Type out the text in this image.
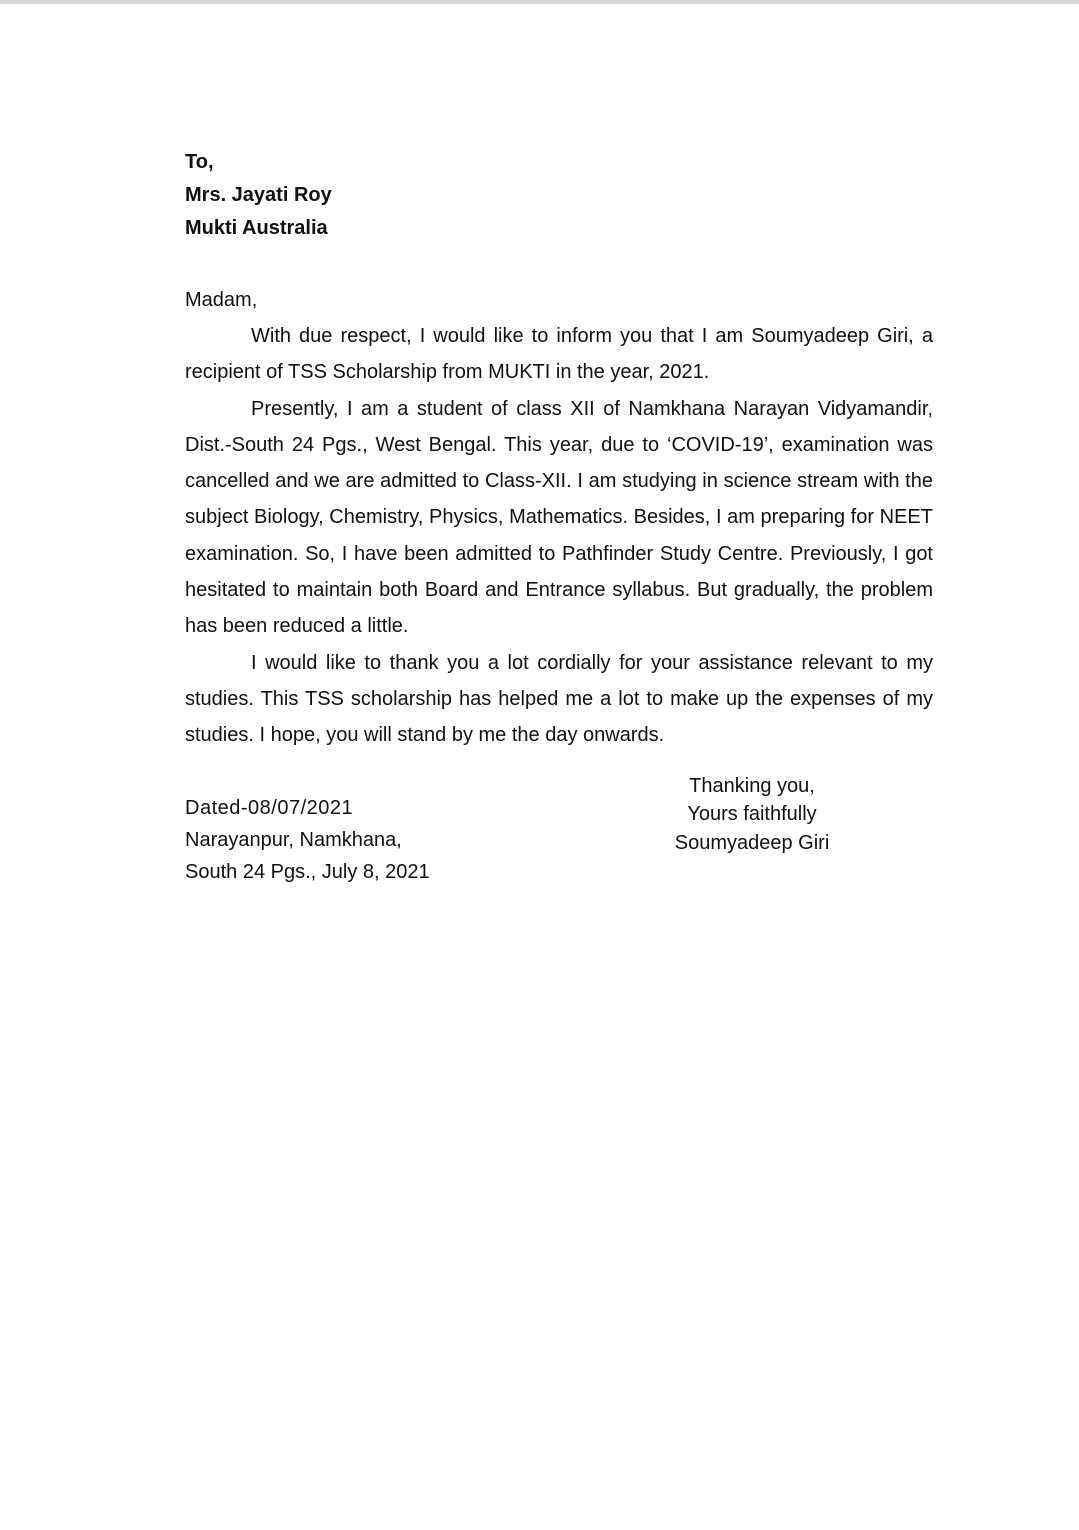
To,
Mrs. Jayati Roy
Mukti Australia
Madam,

With due respect, I would like to inform you that I am Soumyadeep Giri, a recipient of TSS Scholarship from MUKTI in the year, 2021.

Presently, I am a student of class XII of Namkhana Narayan Vidyamandir, Dist.-South 24 Pgs., West Bengal. This year, due to ‘COVID-19’, examination was cancelled and we are admitted to Class-XII. I am studying in science stream with the subject Biology, Chemistry, Physics, Mathematics. Besides, I am preparing for NEET examination. So, I have been admitted to Pathfinder Study Centre. Previously, I got hesitated to maintain both Board and Entrance syllabus. But gradually, the problem has been reduced a little.

I would like to thank you a lot cordially for your assistance relevant to my studies. This TSS scholarship has helped me a lot to make up the expenses of my studies. I hope, you will stand by me the day onwards.

Dated-08/07/2021
Narayanpur, Namkhana,
South 24 Pgs., July 8, 2021
Thanking you,
Yours faithfully
Soumyadeep Giri
